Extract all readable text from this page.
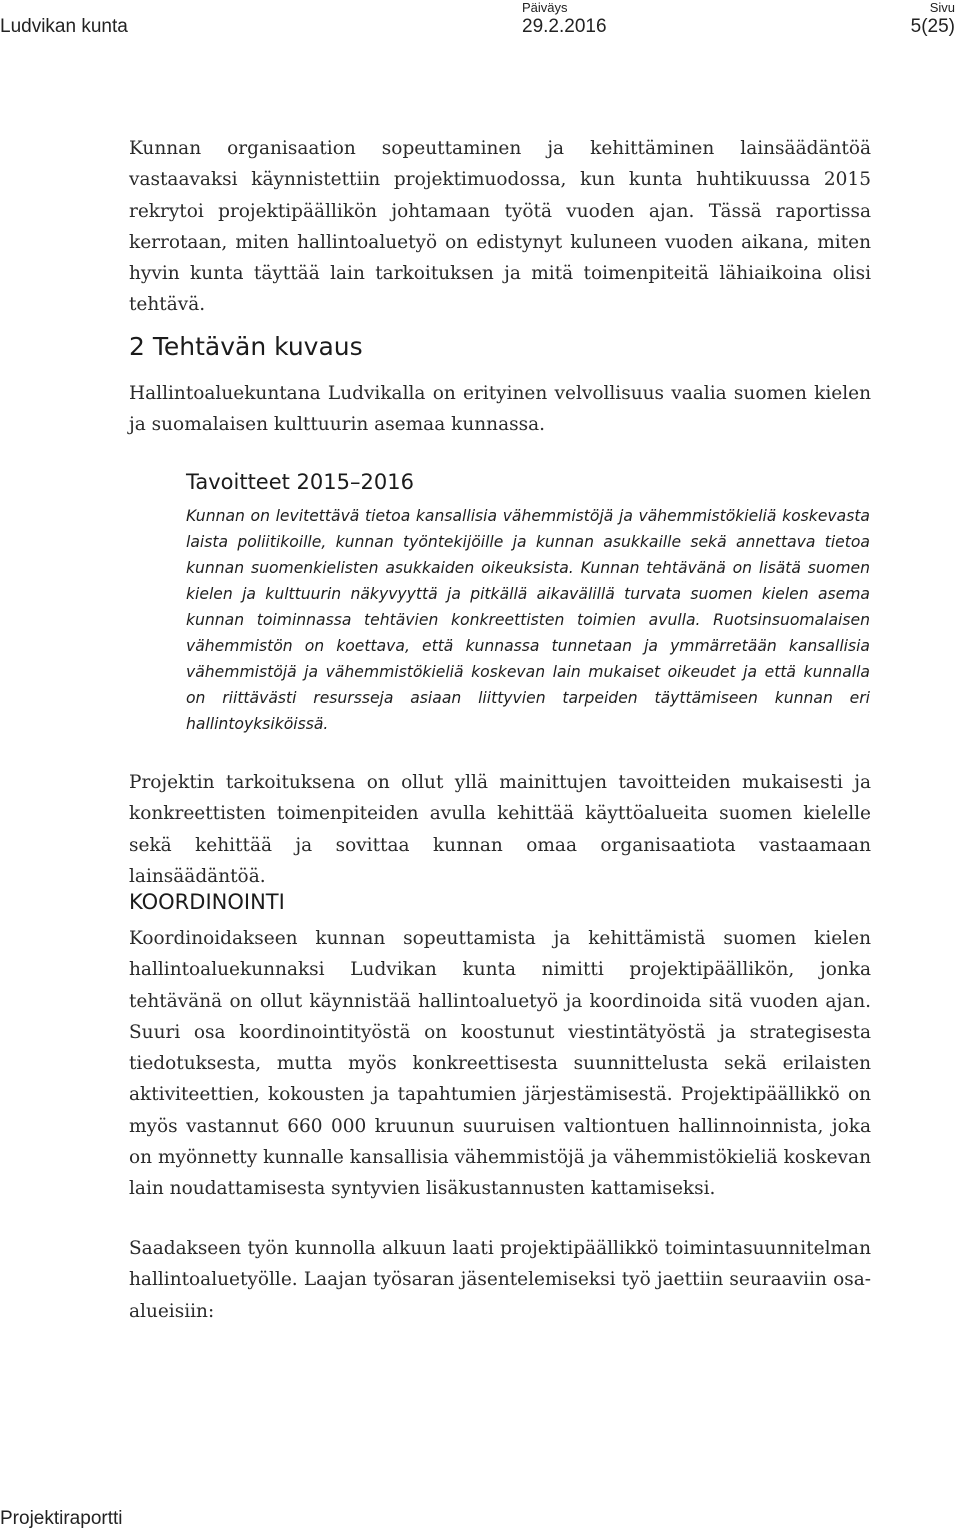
Ludvikan kunta
Päiväys
29.2.2016
Sivu
5(25)

Kunnan organisaation sopeuttaminen ja kehittäminen lainsäädäntöä vastaavaksi käynnistettiin projektimuodossa, kun kunta huhtikuussa 2015 rekrytoi projektipäällikön johtamaan työtä vuoden ajan. Tässä raportissa kerrotaan, miten hallintoaluetyö on edistynyt kuluneen vuoden aikana, miten hyvin kunta täyttää lain tarkoituksen ja mitä toimenpiteitä lähiaikoina olisi tehtävä.

2 Tehtävän kuvaus

Hallintoaluekuntana Ludvikalla on erityinen velvollisuus vaalia suomen kielen ja suomalaisen kulttuurin asemaa kunnassa.

Tavoitteet 2015–2016

Kunnan on levitettävä tietoa kansallisia vähemmistöjä ja vähemmistökieliä koskevasta laista poliitikoille, kunnan työntekijöille ja kunnan asukkaille sekä annettava tietoa kunnan suomenkielisten asukkaiden oikeuksista. Kunnan tehtävänä on lisätä suomen kielen ja kulttuurin näkyvyyttä ja pitkällä aikavälillä turvata suomen kielen asema kunnan toiminnassa tehtävien konkreettisten toimien avulla. Ruotsinsuomalaisen vähemmistön on koettava, että kunnassa tunnetaan ja ymmärretään kansallisia vähemmistöjä ja vähemmistökieliä koskevan lain mukaiset oikeudet ja että kunnalla on riittävästi resursseja asiaan liittyvien tarpeiden täyttämiseen kunnan eri hallintoyksiköissä.

Projektin tarkoituksena on ollut yllä mainittujen tavoitteiden mukaisesti ja konkreettisten toimenpiteiden avulla kehittää käyttöalueita suomen kielelle sekä kehittää ja sovittaa kunnan omaa organisaatiota vastaamaan lainsäädäntöä.

KOORDINOINTI

Koordinoidakseen kunnan sopeuttamista ja kehittämistä suomen kielen hallintoaluekunnaksi Ludvikan kunta nimitti projektipäällikön, jonka tehtävänä on ollut käynnistää hallintoaluetyö ja koordinoida sitä vuoden ajan. Suuri osa koordinointityöstä on koostunut viestintätyöstä ja strategisesta tiedotuksesta, mutta myös konkreettisesta suunnittelusta sekä erilaisten aktiviteettien, kokousten ja tapahtumien järjestämisestä. Projektipäällikkö on myös vastannut 660 000 kruunun suuruisen valtiontuen hallinnoinnista, joka on myönnetty kunnalle kansallisia vähemmistöjä ja vähemmistökieliä koskevan lain noudattamisesta syntyvien lisäkustannusten kattamiseksi.

Saadakseen työn kunnolla alkuun laati projektipäällikkö toimintasuunnitelman hallintoaluetyölle. Laajan työsaran jäsentelemiseksi työ jaettiin seuraaviin osa-alueisiin:

Projektiraportti
